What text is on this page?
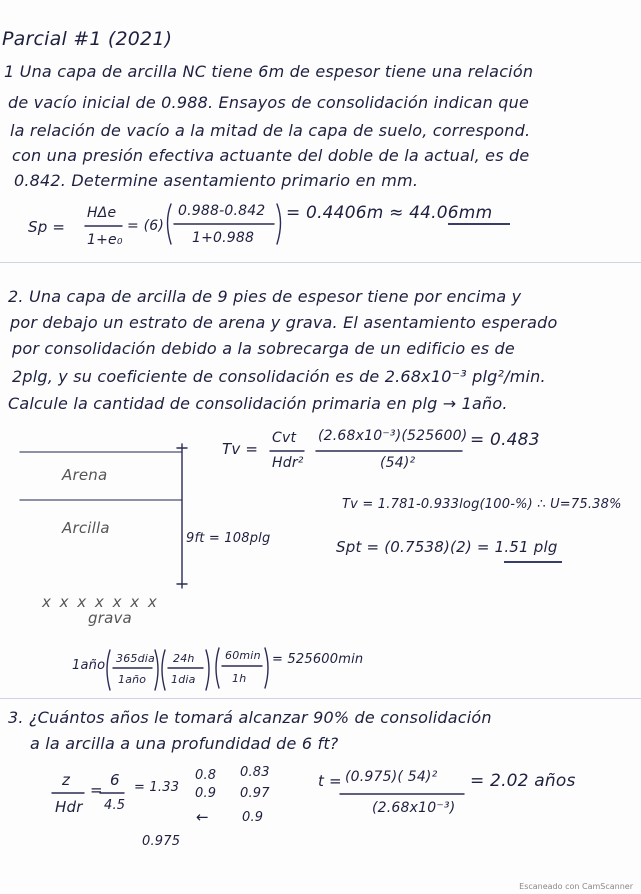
Parcial #1 (2021)
1 Una capa de arcilla NC tiene 6m de espesor tiene una relación
de vacío inicial de 0.988. Ensayos de consolidación indican que
la relación de vacío a la mitad de la capa de suelo, correspond.
con una presión efectiva actuante del doble de la actual, es de
0.842. Determine asentamiento primario en mm.
Sp =
HΔe
1+e₀
= (6)
0.988-0.842
1+0.988
= 0.4406m ≈ 44.06mm
2. Una capa de arcilla de 9 pies de espesor tiene por encima y
por debajo un estrato de arena y grava. El asentamiento esperado
por consolidación debido a la sobrecarga de un edificio es de
2plg, y su coeficiente de consolidación es de 2.68x10⁻³ plg²/min.
Calcule la cantidad de consolidación primaria en plg → 1año.
Arena
Arcilla
x x x x x x x
grava
9ft = 108plg
Tv =
Cvt
Hdr²
(2.68x10⁻³)(525600)
(54)²
= 0.483
Tv = 1.781-0.933log(100-%) ∴ U=75.38%
Spt = (0.7538)(2) = 1.51 plg
1año 365dia
1año
24h
1dia
60min
1h
= 525600min
3. ¿Cuántos años le tomará alcanzar 90% de consolidación
a la arcilla a una profundidad de 6 ft?
z
Hdr
=
6
4.5
= 1.33
0.8 0.83
0.9 0.97
←	0.9
0.975
t = (0.975)( 54)²
(2.68x10⁻³)
= 2.02 años
Escaneado con CamScanner
